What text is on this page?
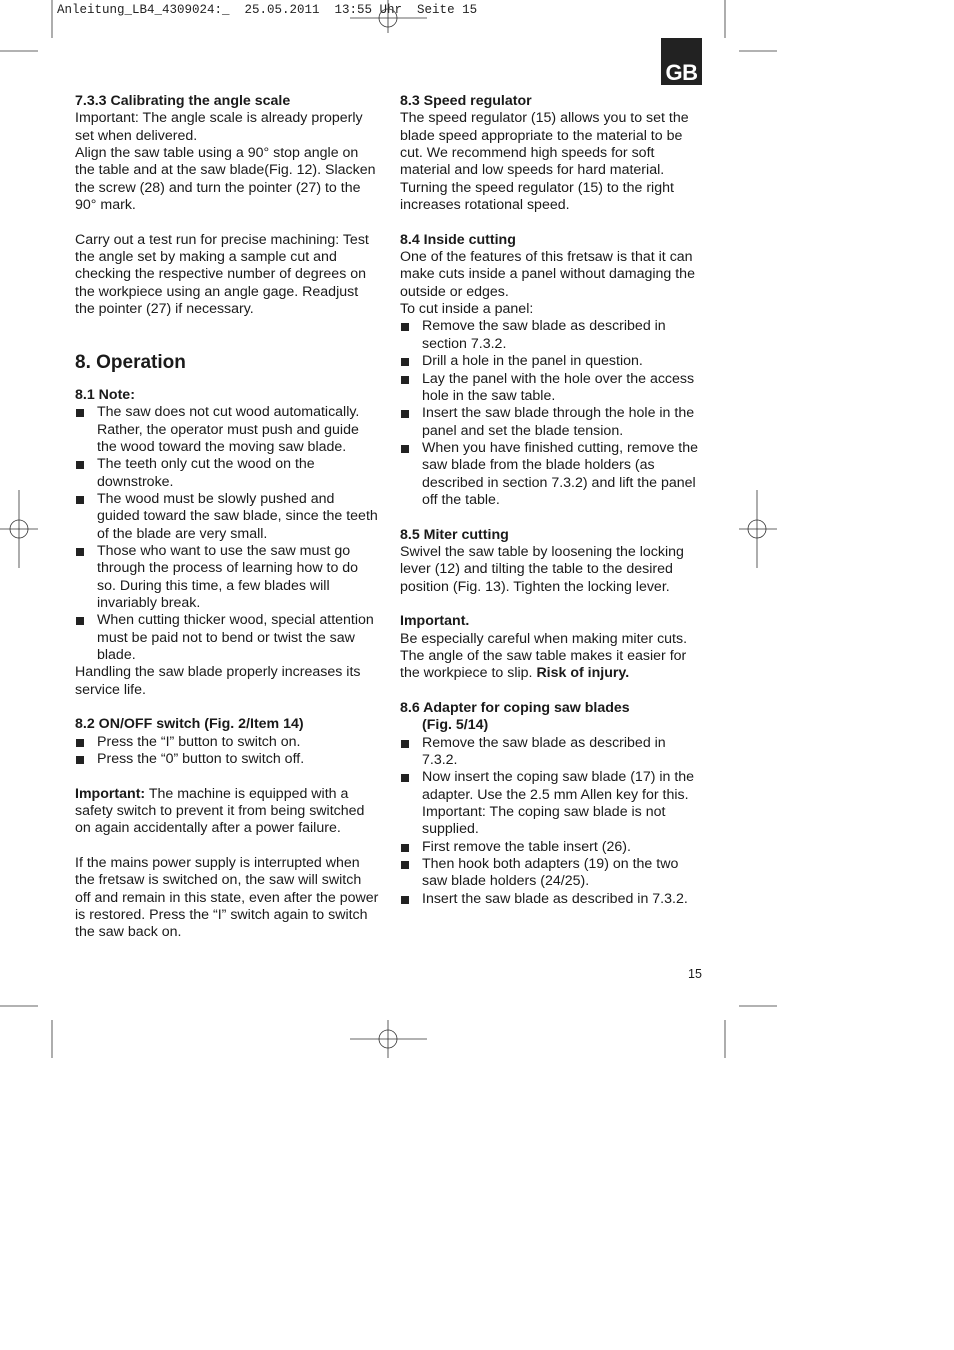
Anleitung_LB4_4309024:_  25.05.2011  13:55 Uhr  Seite 15
GB

7.3.3 Calibrating the angle scale

Important: The angle scale is already properly set when delivered.

Align the saw table using a 90° stop angle on the table and at the saw blade(Fig. 12). Slacken the screw (28) and turn the pointer (27) to the 90° mark.

Carry out a test run for precise machining: Test the angle set by making a sample cut and checking the respective number of degrees on the workpiece using an angle gage. Readjust the pointer (27) if necessary.

8. Operation

8.1 Note:

The saw does not cut wood automatically. Rather, the operator must push and guide the wood toward the moving saw blade.
The teeth only cut the wood on the downstroke.
The wood must be slowly pushed and guided toward the saw blade, since the teeth of the blade are very small.
Those who want to use the saw must go through the process of learning how to do so. During this time, a few blades will invariably break.
When cutting thicker wood, special attention must be paid not to bend or twist the saw blade.

Handling the saw blade properly increases its service life.

8.2 ON/OFF switch (Fig. 2/Item 14)

Press the “I” button to switch on.
Press the “0” button to switch off.

Important: The machine is equipped with a safety switch to prevent it from being switched on again accidentally after a power failure.

If the mains power supply is interrupted when the fretsaw is switched on, the saw will switch off and remain in this state, even after the power is restored. Press the “I” switch again to switch the saw back on.

8.3 Speed regulator

The speed regulator (15) allows you to set the blade speed appropriate to the material to be cut. We recommend high speeds for soft material and low speeds for hard material. Turning the speed regulator (15) to the right increases rotational speed.

8.4 Inside cutting

One of the features of this fretsaw is that it can make cuts inside a panel without damaging the outside or edges.

To cut inside a panel:

Remove the saw blade as described in section 7.3.2.
Drill a hole in the panel in question.
Lay the panel with the hole over the access hole in the saw table.
Insert the saw blade through the hole in the panel and set the blade tension.
When you have finished cutting, remove the saw blade from the blade holders (as described in section 7.3.2) and lift the panel off the table.

8.5 Miter cutting

Swivel the saw table by loosening the locking lever (12) and tilting the table to the desired position (Fig. 13). Tighten the locking lever.

Important.

Be especially careful when making miter cuts. The angle of the saw table makes it easier for the workpiece to slip. Risk of injury.

8.6 Adapter for coping saw blades

(Fig. 5/14)

Remove the saw blade as described in 7.3.2.
Now insert the coping saw blade (17) in the adapter. Use the 2.5 mm Allen key for this. Important: The coping saw blade is not supplied.
First remove the table insert (26).
Then hook both adapters (19) on the two saw blade holders (24/25).
Insert the saw blade as described in 7.3.2.
15
